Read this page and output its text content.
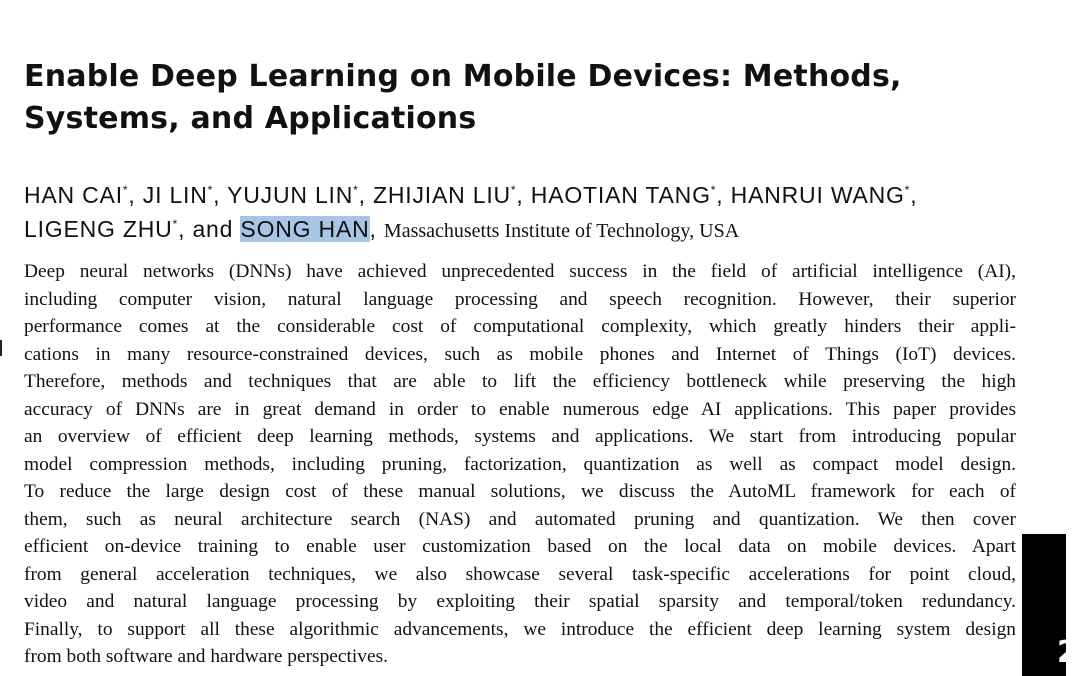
Enable Deep Learning on Mobile Devices: Methods, Systems, and Applications

HAN CAI*, JI LIN*, YUJUN LIN*, ZHIJIAN LIU*, HAOTIAN TANG*, HANRUI WANG*,
LIGENG ZHU*, and SONG HAN, Massachusetts Institute of Technology, USA

Deep neural networks (DNNs) have achieved unprecedented success in the field of artificial intelligence (AI),
including computer vision, natural language processing and speech recognition. However, their superior
performance comes at the considerable cost of computational complexity, which greatly hinders their appli-
cations in many resource-constrained devices, such as mobile phones and Internet of Things (IoT) devices.
Therefore, methods and techniques that are able to lift the efficiency bottleneck while preserving the high
accuracy of DNNs are in great demand in order to enable numerous edge AI applications. This paper provides
an overview of efficient deep learning methods, systems and applications. We start from introducing popular
model compression methods, including pruning, factorization, quantization as well as compact model design.
To reduce the large design cost of these manual solutions, we discuss the AutoML framework for each of
them, such as neural architecture search (NAS) and automated pruning and quantization. We then cover
efficient on-device training to enable user customization based on the local data on mobile devices. Apart
from general acceleration techniques, we also showcase several task-specific accelerations for point cloud,
video and natural language processing by exploiting their spatial sparsity and temporal/token redundancy.
Finally, to support all these algorithmic advancements, we introduce the efficient deep learning system design
from both software and hardware perspectives.	2
